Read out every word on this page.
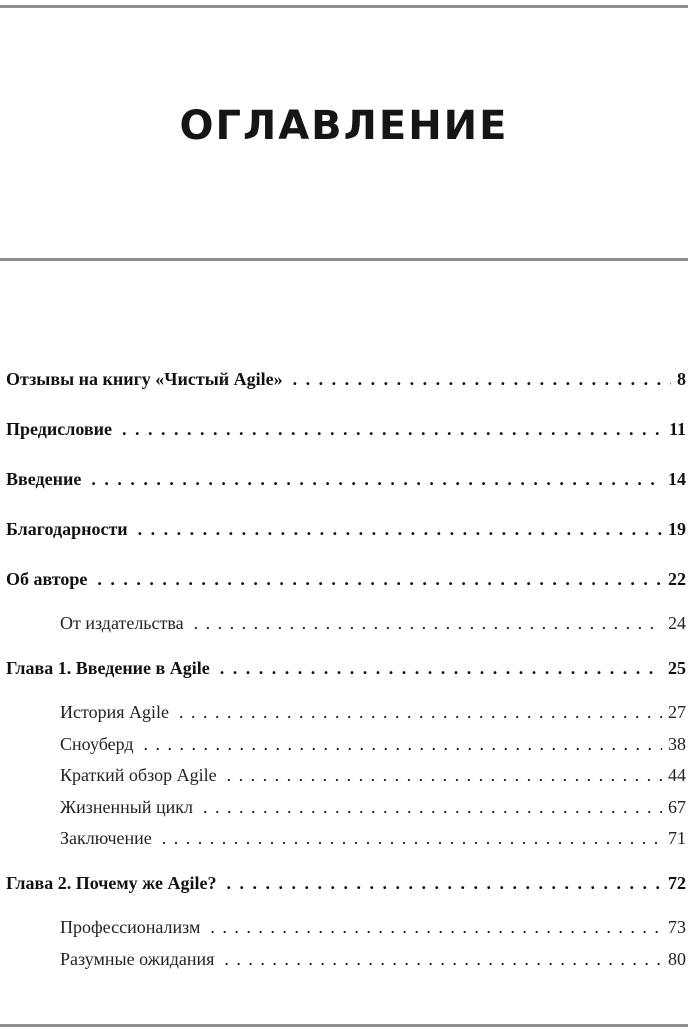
ОГЛАВЛЕНИЕ
Отзывы на книгу «Чистый Agile» . . .	8
Предисловие . . .	11
Введение . . .	14
Благодарности . . .	19
Об авторе . . .	22
От издательства . . .	24
Глава 1. Введение в Agile . . .	25
История Agile . . .	27
Сноуберд . . .	38
Краткий обзор Agile . . .	44
Жизненный цикл . . .	67
Заключение . . .	71
Глава 2. Почему же Agile? . . .	72
Профессионализм . . .	73
Разумные ожидания . . .	80
